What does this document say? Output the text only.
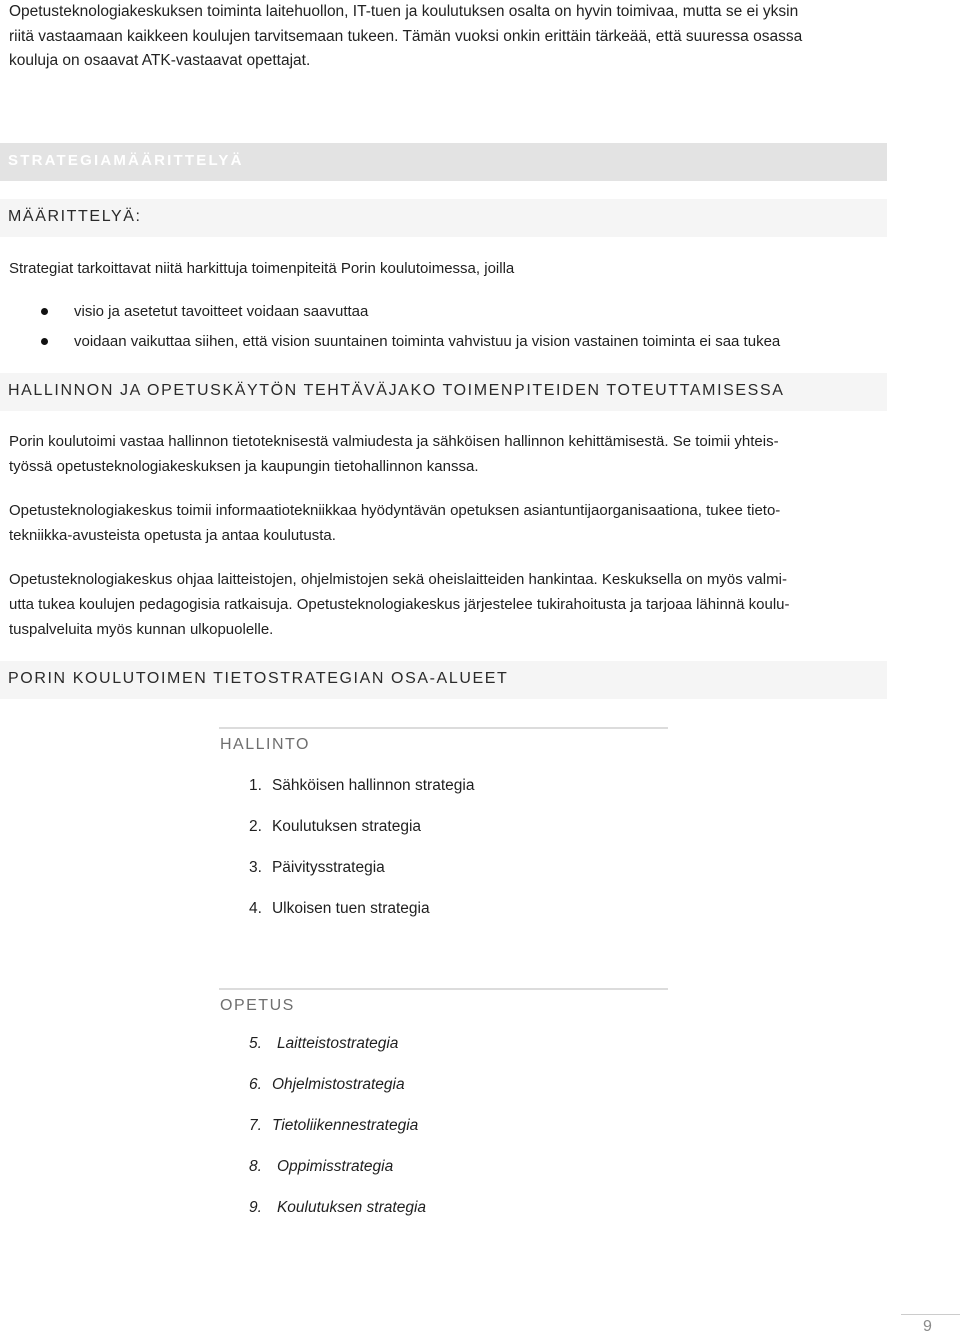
Opetusteknologiakeskuksen toiminta laitehuollon, IT-tuen ja koulutuksen osalta on hyvin toimivaa, mutta se ei yksin
riitä vastaamaan kaikkeen koulujen tarvitsemaan tukeen. Tämän vuoksi onkin erittäin tärkeää, että suuressa osassa
kouluja on osaavat ATK-vastaavat opettajat.
STRATEGIAMÄÄRITTELYÄ
MÄÄRITTELYÄ:

Strategiat tarkoittavat niitä harkittuja toimenpiteitä Porin koulutoimessa, joilla

visio ja asetetut tavoitteet voidaan saavuttaa
voidaan vaikuttaa siihen, että vision suuntainen toiminta vahvistuu ja vision vastainen toiminta ei saa tukea
HALLINNON JA OPETUSKÄYTÖN TEHTÄVÄJAKO TOIMENPITEIDEN TOTEUTTAMISESSA
Porin koulutoimi vastaa hallinnon tietoteknisestä valmiudesta ja sähköisen hallinnon kehittämisestä. Se toimii yhteis-
työssä opetusteknologiakeskuksen ja kaupungin tietohallinnon kanssa.
Opetusteknologiakeskus toimii informaatiotekniikkaa hyödyntävän opetuksen asiantuntijaorganisaationa, tukee tieto-
tekniikka-avusteista opetusta ja antaa koulutusta.
Opetusteknologiakeskus ohjaa laitteistojen, ohjelmistojen sekä oheislaitteiden hankintaa. Keskuksella on myös valmi-
utta tukea koulujen pedagogisia ratkaisuja. Opetusteknologiakeskus järjestelee tukirahoitusta ja tarjoaa lähinnä koulu-
tuspalveluita myös kunnan ulkopuolelle.
PORIN KOULUTOIMEN TIETOSTRATEGIAN OSA-ALUEET
HALLINTO
1. Sähköisen hallinnon strategia
2. Koulutuksen strategia
3. Päivitysstrategia
4. Ulkoisen tuen strategia
OPETUS
5. Laitteistostrategia
6. Ohjelmistostrategia
7. Tietoliikennestrategia
8. Oppimisstrategia
9. Koulutuksen strategia
9
